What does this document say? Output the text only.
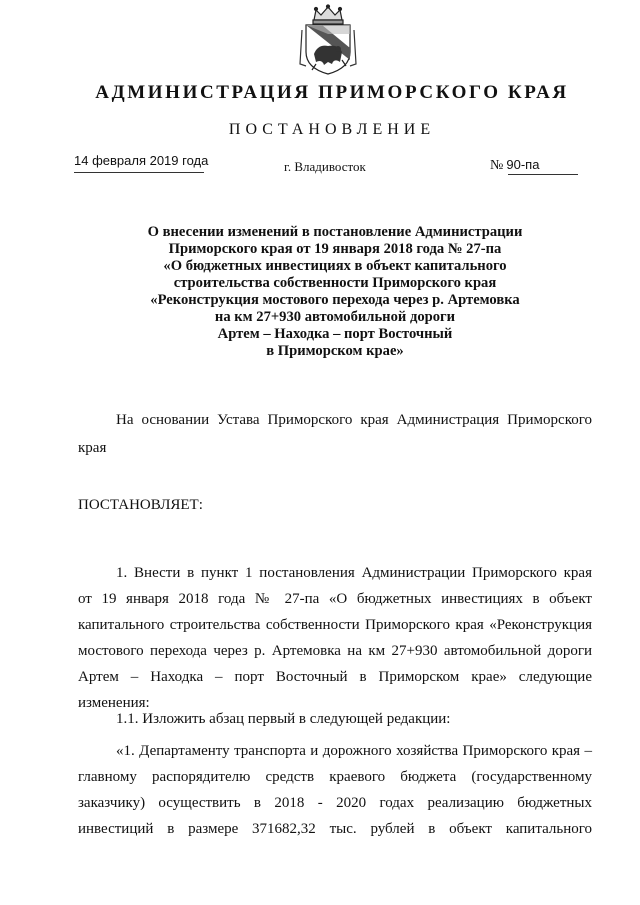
АДМИНИСТРАЦИЯ ПРИМОРСКОГО КРАЯ
ПОСТАНОВЛЕНИЕ
14 февраля 2019 года	г. Владивосток	№ 90-па
О внесении изменений в постановление Администрации
Приморского края от 19 января 2018 года № 27-па
«О бюджетных инвестициях в объект капитального
строительства собственности Приморского края
«Реконструкция мостового перехода через р. Артемовка
на км 27+930 автомобильной дороги
Артем – Находка – порт Восточный
в Приморском крае»
На основании Устава Приморского края Администрация Приморского
края
ПОСТАНОВЛЯЕТ:
1. Внести в пункт 1 постановления Администрации Приморского края
от 19 января 2018 года № 27-па «О бюджетных инвестициях в объект
капитального строительства собственности Приморского края «Реконструкция
мостового перехода через р. Артемовка на км 27+930 автомобильной дороги
Артем – Находка – порт Восточный в Приморском крае» следующие
изменения:
1.1. Изложить абзац первый в следующей редакции:
«1. Департаменту транспорта и дорожного хозяйства Приморского края –
главному распорядителю средств краевого бюджета (государственному
заказчику) осуществить в 2018 - 2020 годах реализацию бюджетных
инвестиций в размере 371682,32 тыс. рублей в объект капитального
